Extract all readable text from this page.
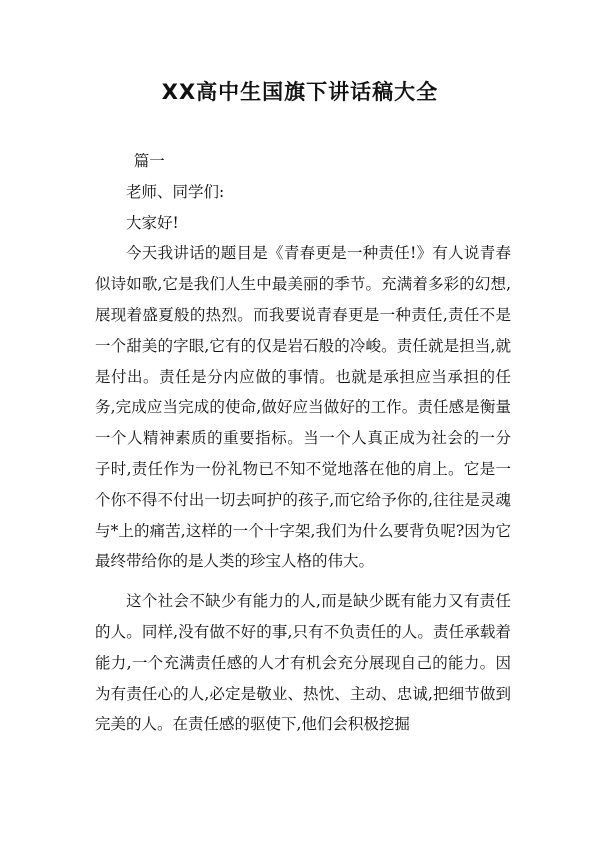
XX高中生国旗下讲话稿大全

篇一

老师、同学们:

大家好!

今天我讲话的题目是《青春更是一种责任!》有人说青春似诗如歌,它是我们人生中最美丽的季节。充满着多彩的幻想,展现着盛夏般的热烈。而我要说青春更是一种责任,责任不是一个甜美的字眼,它有的仅是岩石般的冷峻。责任就是担当,就是付出。责任是分内应做的事情。也就是承担应当承担的任务,完成应当完成的使命,做好应当做好的工作。责任感是衡量一个人精神素质的重要指标。当一个人真正成为社会的一分子时,责任作为一份礼物已不知不觉地落在他的肩上。它是一个你不得不付出一切去呵护的孩子,而它给予你的,往往是灵魂与*上的痛苦,这样的一个十字架,我们为什么要背负呢?因为它最终带给你的是人类的珍宝人格的伟大。

这个社会不缺少有能力的人,而是缺少既有能力又有责任的人。同样,没有做不好的事,只有不负责任的人。责任承载着能力,一个充满责任感的人才有机会充分展现自己的能力。因为有责任心的人,必定是敬业、热忱、主动、忠诚,把细节做到完美的人。在责任感的驱使下,他们会积极挖掘
